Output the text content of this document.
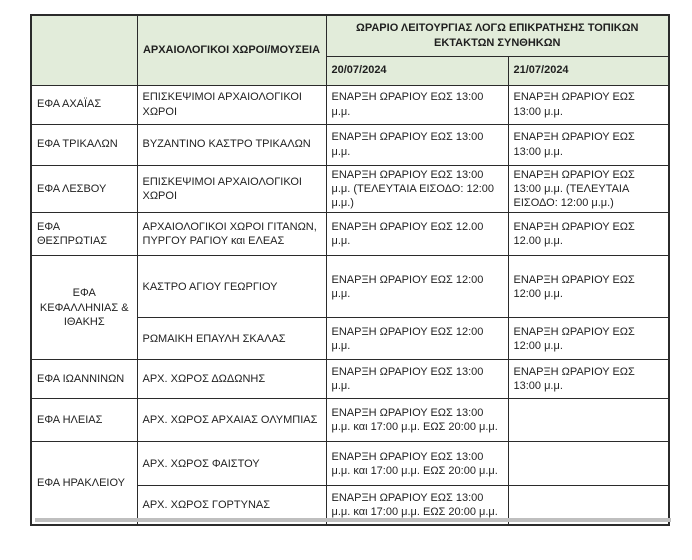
	ΑΡΧΑΙΟΛΟΓΙΚΟΙ ΧΩΡΟΙ/ΜΟΥΣΕΙΑ	ΩΡΑΡΙΟ ΛΕΙΤΟΥΡΓΙΑΣ ΛΟΓΩ ΕΠΙΚΡΑΤΗΣΗΣ ΤΟΠΙΚΩΝ ΕΚΤΑΚΤΩΝ ΣΥΝΘΗΚΩΝ	
		20/07/2024	21/07/2024
ΕΦΑ ΑΧΑΪΑΣ	ΕΠΙΣΚΕΨΙΜΟΙ ΑΡΧΑΙΟΛΟΓΙΚΟΙ ΧΩΡΟΙ	ΕΝΑΡΞΗ ΩΡΑΡΙΟΥ ΕΩΣ 13:00 μ.μ.	ΕΝΑΡΞΗ ΩΡΑΡΙΟΥ ΕΩΣ 13:00 μ.μ.
ΕΦΑ ΤΡΙΚΑΛΩΝ	ΒΥΖΑΝΤΙΝΟ ΚΑΣΤΡΟ ΤΡΙΚΑΛΩΝ	ΕΝΑΡΞΗ ΩΡΑΡΙΟΥ ΕΩΣ 13:00 μ.μ.	ΕΝΑΡΞΗ ΩΡΑΡΙΟΥ ΕΩΣ 13:00 μ.μ.
ΕΦΑ ΛΕΣΒΟΥ	ΕΠΙΣΚΕΨΙΜΟΙ ΑΡΧΑΙΟΛΟΓΙΚΟΙ ΧΩΡΟΙ	ΕΝΑΡΞΗ ΩΡΑΡΙΟΥ ΕΩΣ 13:00 μ.μ. (ΤΕΛΕΥΤΑΙΑ ΕΙΣΟΔΟ: 12:00 μ.μ.)	ΕΝΑΡΞΗ ΩΡΑΡΙΟΥ ΕΩΣ 13:00 μ.μ. (ΤΕΛΕΥΤΑΙΑ ΕΙΣΟΔΟ: 12:00 μ.μ.)
ΕΦΑ ΘΕΣΠΡΩΤΙΑΣ	ΑΡΧΑΙΟΛΟΓΙΚΟΙ ΧΩΡΟΙ ΓΙΤΑΝΩΝ, ΠΥΡΓΟΥ ΡΑΓΙΟΥ και ΕΛΕΑΣ	ΕΝΑΡΞΗ ΩΡΑΡΙΟΥ ΕΩΣ 12.00 μ.μ.	ΕΝΑΡΞΗ ΩΡΑΡΙΟΥ ΕΩΣ 12.00 μ.μ.
ΕΦΑ ΚΕΦΑΛΛΗΝΙΑΣ & ΙΘΑΚΗΣ	ΚΑΣΤΡΟ ΑΓΙΟΥ ΓΕΩΡΓΙΟΥ	ΕΝΑΡΞΗ ΩΡΑΡΙΟΥ ΕΩΣ 12:00 μ.μ.	ΕΝΑΡΞΗ ΩΡΑΡΙΟΥ ΕΩΣ 12:00 μ.μ.
	ΡΩΜΑΙΚΗ ΕΠΑΥΛΗ ΣΚΑΛΑΣ	ΕΝΑΡΞΗ ΩΡΑΡΙΟΥ ΕΩΣ 12:00 μ.μ.	ΕΝΑΡΞΗ ΩΡΑΡΙΟΥ ΕΩΣ 12:00 μ.μ.
ΕΦΑ ΙΩΑΝΝΙΝΩΝ	ΑΡΧ. ΧΩΡΟΣ ΔΩΔΩΝΗΣ	ΕΝΑΡΞΗ ΩΡΑΡΙΟΥ ΕΩΣ 13:00 μ.μ.	ΕΝΑΡΞΗ ΩΡΑΡΙΟΥ ΕΩΣ 13:00 μ.μ.
ΕΦΑ ΗΛΕΙΑΣ	ΑΡΧ. ΧΩΡΟΣ ΑΡΧΑΙΑΣ ΟΛΥΜΠΙΑΣ	ΕΝΑΡΞΗ ΩΡΑΡΙΟΥ ΕΩΣ 13:00 μ.μ. και 17:00 μ.μ. ΕΩΣ 20:00 μ.μ.	
ΕΦΑ ΗΡΑΚΛΕΙΟΥ	ΑΡΧ. ΧΩΡΟΣ ΦΑΙΣΤΟΥ	ΕΝΑΡΞΗ ΩΡΑΡΙΟΥ ΕΩΣ 13:00 μ.μ. και 17:00 μ.μ. ΕΩΣ 20:00 μ.μ.	
	ΑΡΧ. ΧΩΡΟΣ ΓΟΡΤΥΝΑΣ	ΕΝΑΡΞΗ ΩΡΑΡΙΟΥ ΕΩΣ 13:00 μ.μ. και 17:00 μ.μ. ΕΩΣ 20:00 μ.μ.	
